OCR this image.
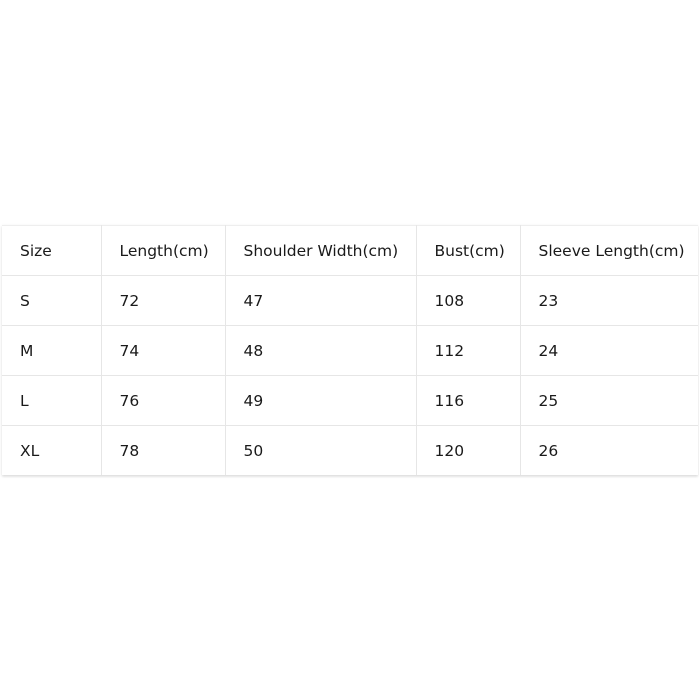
Size	Length(cm)	Shoulder Width(cm)	Bust(cm)	Sleeve Length(cm)
S	72	47	108	23
M	74	48	112	24
L	76	49	116	25
XL	78	50	120	26
